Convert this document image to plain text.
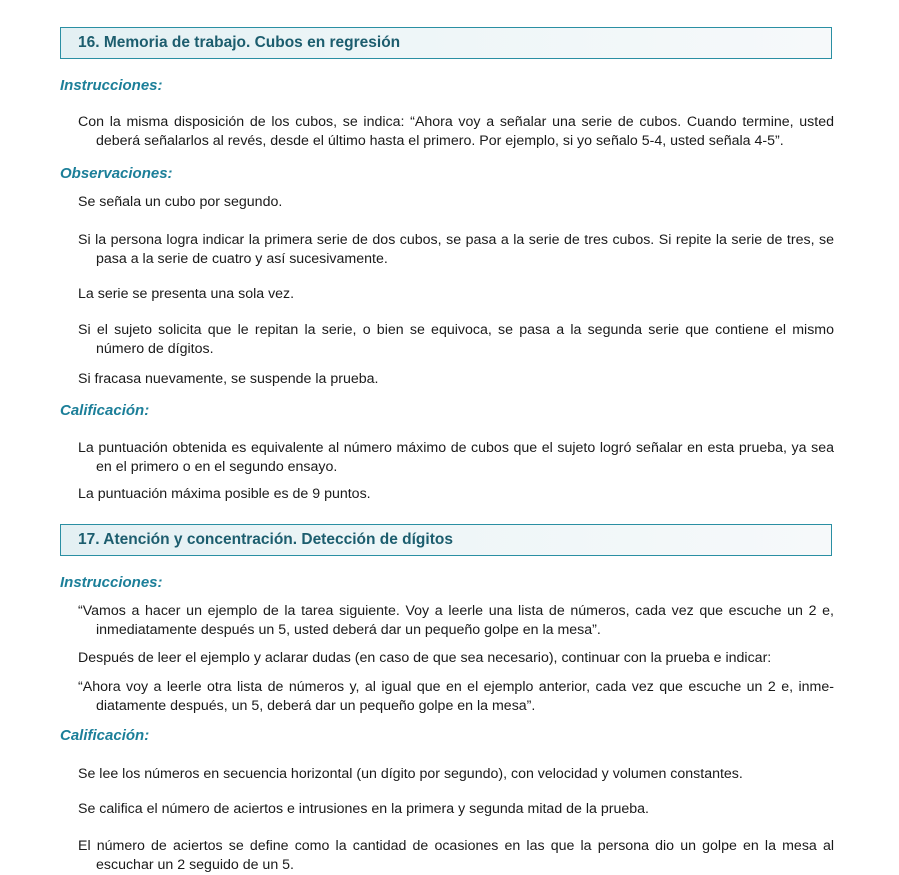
16. Memoria de trabajo. Cubos en regresión
Instrucciones:
Con la misma disposición de los cubos, se indica: “Ahora voy a señalar una serie de cubos. Cuando termine, usted deberá señalarlos al revés, desde el último hasta el primero. Por ejemplo, si yo señalo 5-4, usted señala 4-5”.
Observaciones:
Se señala un cubo por segundo.
Si la persona logra indicar la primera serie de dos cubos, se pasa a la serie de tres cubos. Si repite la serie de tres, se pasa a la serie de cuatro y así sucesivamente.
La serie se presenta una sola vez.
Si el sujeto solicita que le repitan la serie, o bien se equivoca, se pasa a la segunda serie que contiene el mismo número de dígitos.
Si fracasa nuevamente, se suspende la prueba.
Calificación:
La puntuación obtenida es equivalente al número máximo de cubos que el sujeto logró señalar en esta prueba, ya sea en el primero o en el segundo ensayo.
La puntuación máxima posible es de 9 puntos.
17. Atención y concentración. Detección de dígitos
Instrucciones:
“Vamos a hacer un ejemplo de la tarea siguiente. Voy a leerle una lista de números, cada vez que escuche un 2 e, inmediatamente después un 5, usted deberá dar un pequeño golpe en la mesa”.
Después de leer el ejemplo y aclarar dudas (en caso de que sea necesario), continuar con la prueba e indicar:
“Ahora voy a leerle otra lista de números y, al igual que en el ejemplo anterior, cada vez que escuche un 2 e, inme-diatamente después, un 5, deberá dar un pequeño golpe en la mesa”.
Calificación:
Se lee los números en secuencia horizontal (un dígito por segundo), con velocidad y volumen constantes.
Se califica el número de aciertos e intrusiones en la primera y segunda mitad de la prueba.
El número de aciertos se define como la cantidad de ocasiones en las que la persona dio un golpe en la mesa al escuchar un 2 seguido de un 5.
